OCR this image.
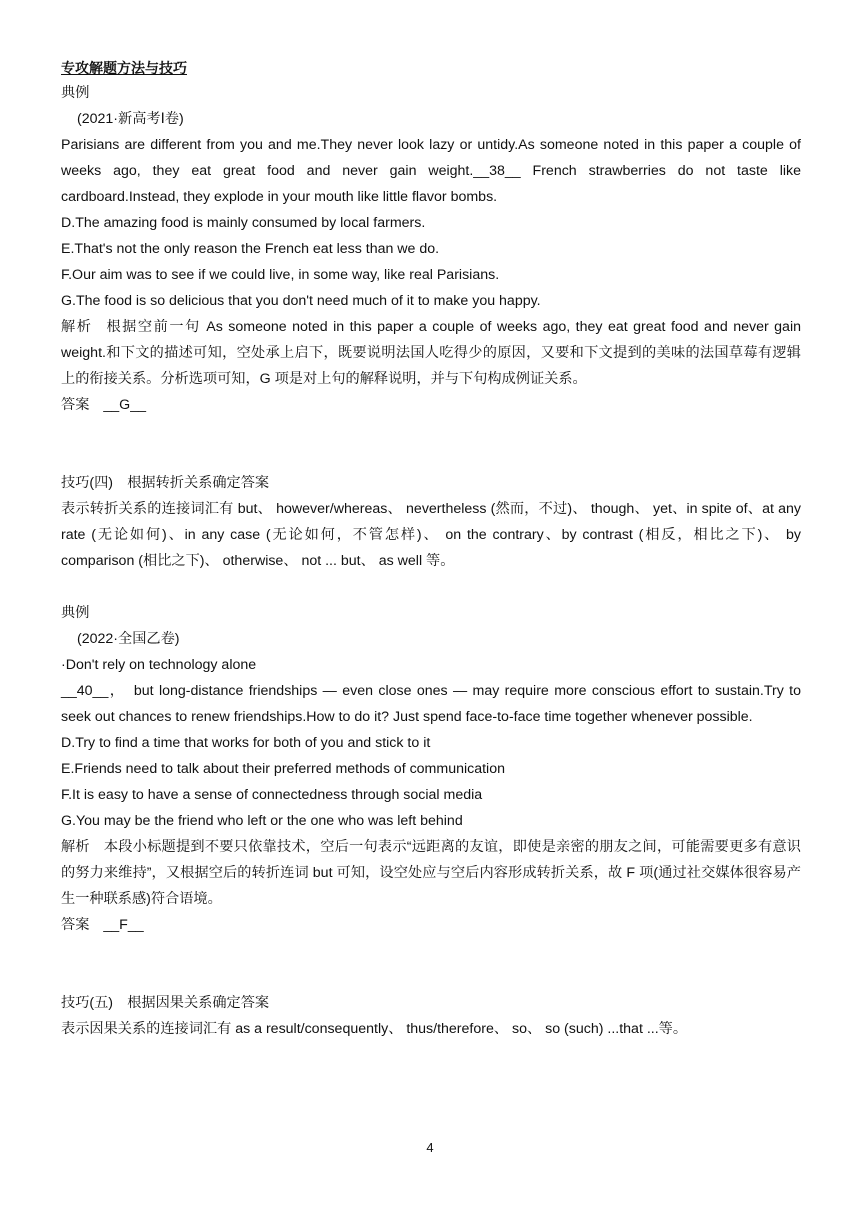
专攻解题方法与技巧
典例
(2021·新高考Ⅰ卷)
Parisians are different from you and me.They never look lazy or untidy.As someone noted in this paper a couple of weeks ago, they eat great food and never gain weight.__38__ French strawberries do not taste like cardboard.Instead, they explode in your mouth like little flavor bombs.
D.The amazing food is mainly consumed by local farmers.
E.That's not the only reason the French eat less than we do.
F.Our aim was to see if we could live, in some way, like real Parisians.
G.The food is so delicious that you don't need much of it to make you happy.
解析 根据空前一句 As someone noted in this paper a couple of weeks ago, they eat great food and never gain weight.和下文的描述可知，空处承上启下，既要说明法国人吃得少的原因，又要和下文提到的美味的法国草莓有逻辑上的衔接关系。分析选项可知，G 项是对上句的解释说明，并与下句构成例证关系。
答案 __G__
技巧(四)　根据转折关系确定答案
表示转折关系的连接词汇有 but、 however/whereas、 nevertheless (然而，不过)、 though、 yet、in spite of、at any rate (无论如何)、in any case (无论如何，不管怎样)、 on the contrary、by contrast (相反，相比之下)、 by comparison (相比之下)、 otherwise、 not ... but、 as well 等。
典例
(2022·全国乙卷)
·Don't rely on technology alone
__40__，　but long-distance friendships — even close ones — may require more conscious effort to sustain.Try to seek out chances to renew friendships.How to do it? Just spend face-to-face time together whenever possible.
D.Try to find a time that works for both of you and stick to it
E.Friends need to talk about their preferred methods of communication
F.It is easy to have a sense of connectedness through social media
G.You may be the friend who left or the one who was left behind
解析 本段小标题提到不要只依靠技术，空后一句表示“远距离的友谊，即使是亲密的朋友之间，可能需要更多有意识的努力来维持”，又根据空后的转折连词 but 可知，设空处应与空后内容形成转折关系，故 F 项(通过社交媒体很容易产生一种联系感)符合语境。
答案 __F__
技巧(五)　根据因果关系确定答案
表示因果关系的连接词汇有 as a result/consequently、 thus/therefore、 so、 so (such) ...that ...等。
4
